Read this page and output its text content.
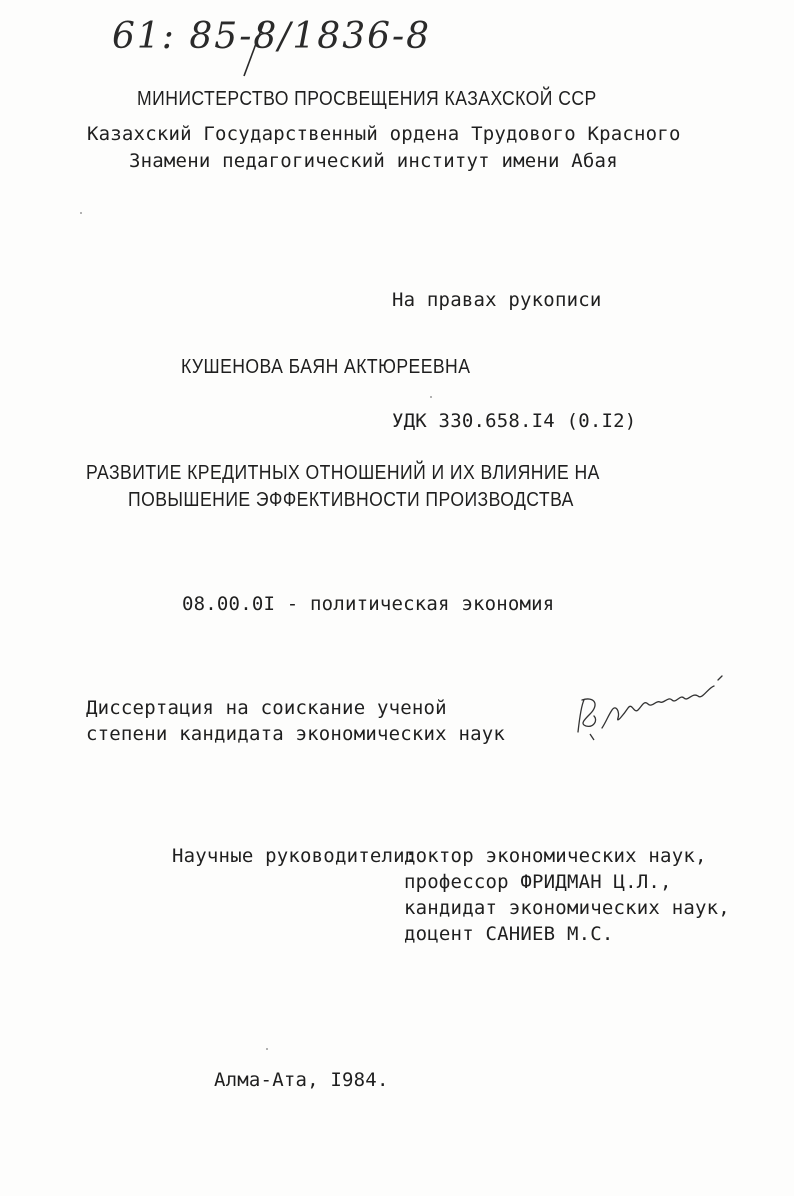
61: 85-8/1836-8
МИНИСТЕРСТВО ПРОСВЕЩЕНИЯ КАЗАХСКОЙ ССР
Казахский Государственный ордена Трудового Красного
Знамени педагогический институт имени Абая
На правах рукописи
КУШЕНОВА БАЯН АКТЮРЕЕВНА
УДК 330.658.I4 (0.I2)
РАЗВИТИЕ КРЕДИТНЫХ ОТНОШЕНИЙ И ИХ ВЛИЯНИЕ НА
ПОВЫШЕНИЕ ЭФФЕКТИВНОСТИ ПРОИЗВОДСТВА
08.00.0I - политическая экономия
Диссертация на соискание ученой
степени кандидата экономических наук
Научные руководители:
доктор экономических наук,
профессор ФРИДМАН Ц.Л.,
кандидат экономических наук,
доцент САНИЕВ М.С.
Алма-Ата, I984.
